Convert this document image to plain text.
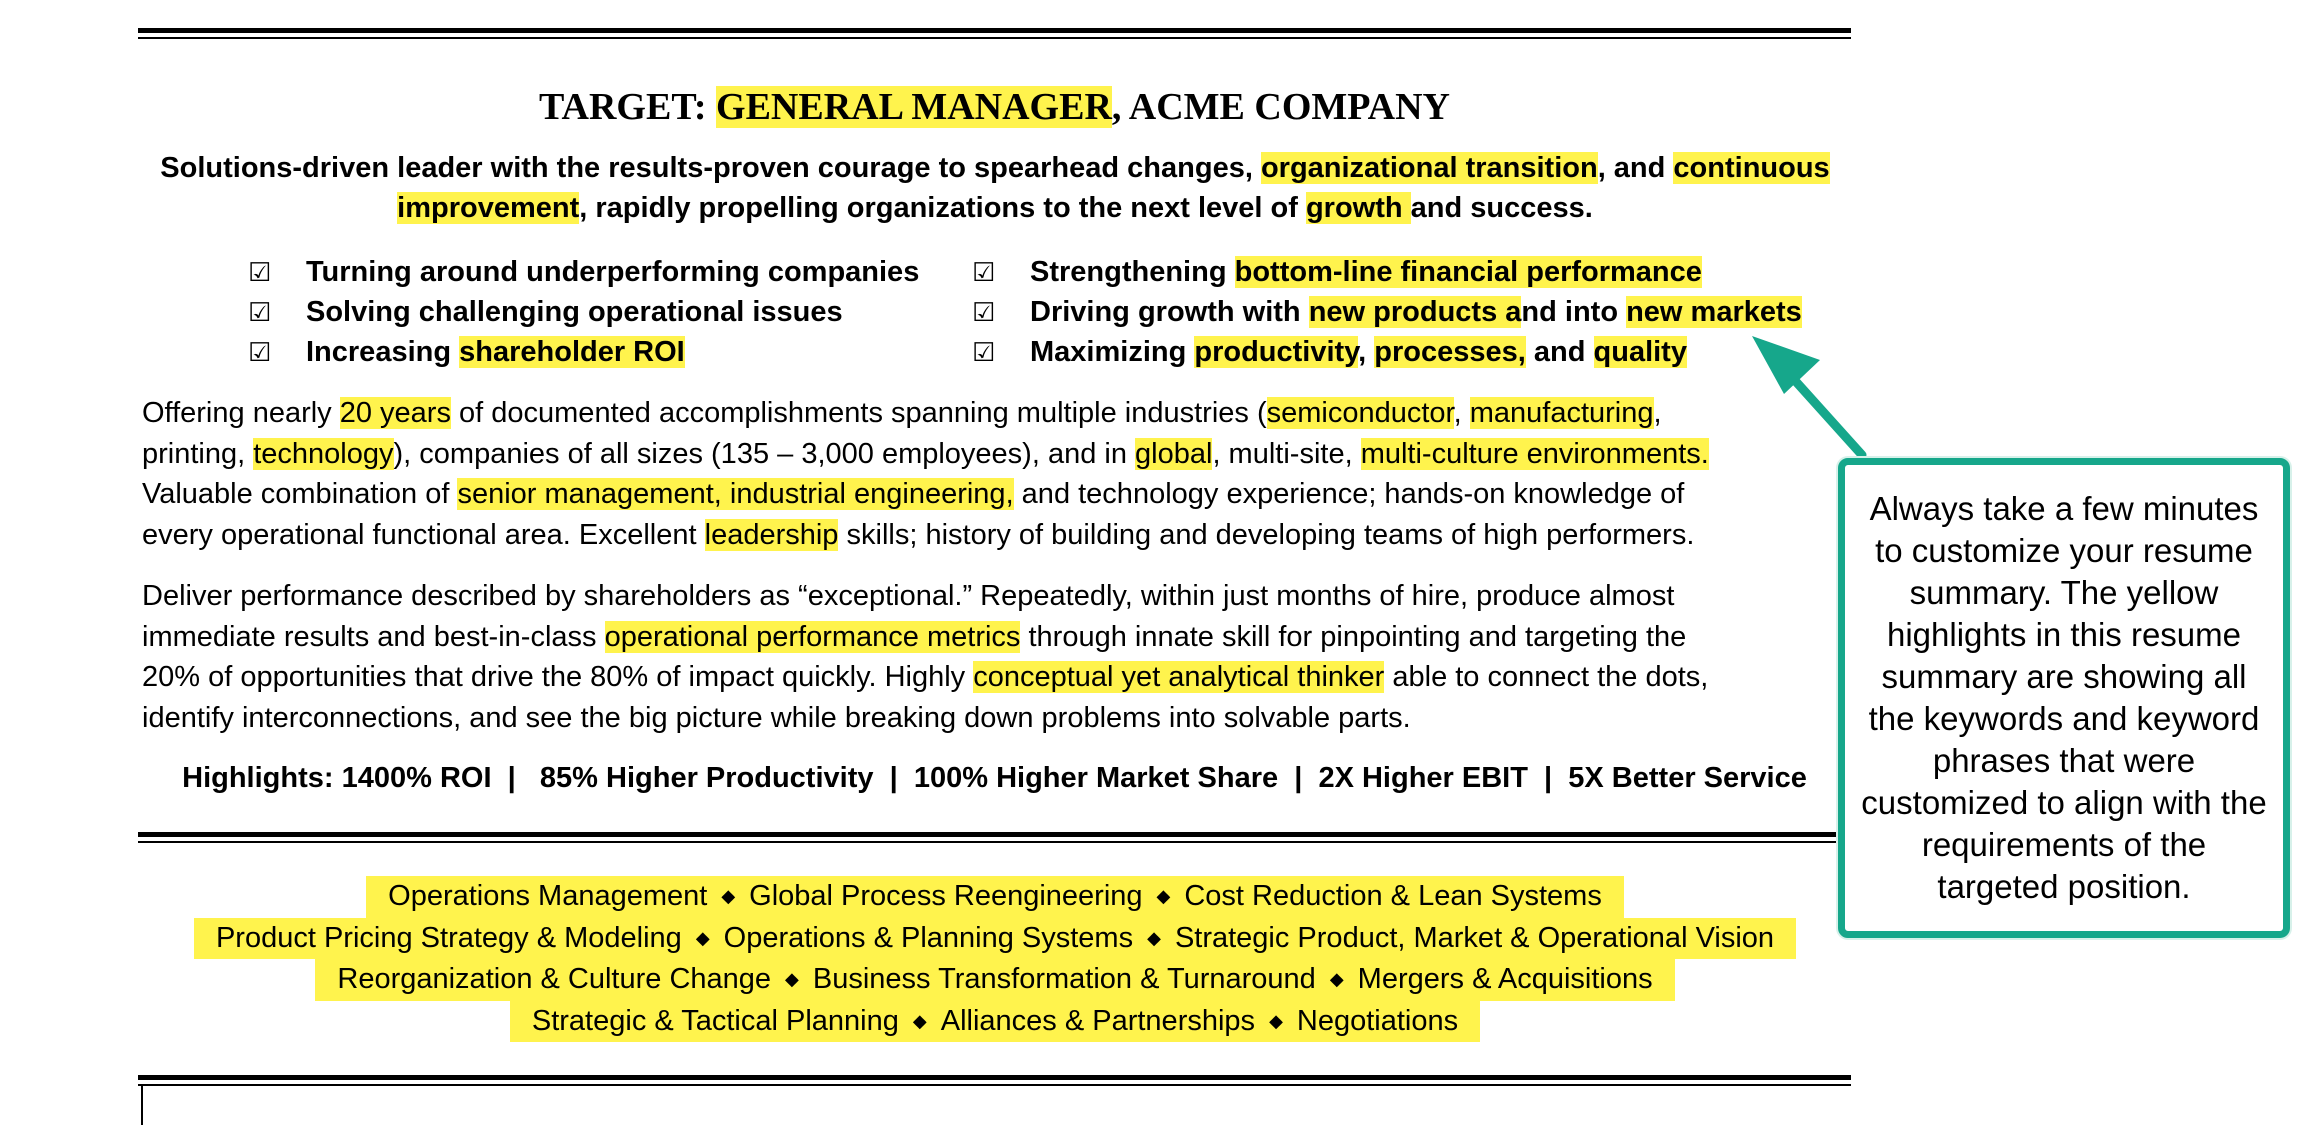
TARGET: GENERAL MANAGER, ACME COMPANY
Solutions-driven leader with the results-proven courage to spearhead changes, organizational transition, and continuous improvement, rapidly propelling organizations to the next level of growth and success.
☑ Turning around underperforming companies
☑ Solving challenging operational issues
☑ Increasing shareholder ROI
☑ Strengthening bottom-line financial performance
☑ Driving growth with new products and into new markets
☑ Maximizing productivity, processes, and quality
Offering nearly 20 years of documented accomplishments spanning multiple industries (semiconductor, manufacturing,
printing, technology), companies of all sizes (135 – 3,000 employees), and in global, multi-site, multi-culture environments.
Valuable combination of senior management, industrial engineering, and technology experience; hands-on knowledge of
every operational functional area. Excellent leadership skills; history of building and developing teams of high performers.
Deliver performance described by shareholders as “exceptional.” Repeatedly, within just months of hire, produce almost
immediate results and best-in-class operational performance metrics through innate skill for pinpointing and targeting the
20% of opportunities that drive the 80% of impact quickly. Highly conceptual yet analytical thinker able to connect the dots,
identify interconnections, and see the big picture while breaking down problems into solvable parts.
Highlights: 1400% ROI  |   85% Higher Productivity  |  100% Higher Market Share  |  2X Higher EBIT  |  5X Better Service
Operations Management ◆ Global Process Reengineering ◆ Cost Reduction & Lean Systems
Product Pricing Strategy & Modeling ◆ Operations & Planning Systems ◆ Strategic Product, Market & Operational Vision
Reorganization & Culture Change ◆ Business Transformation & Turnaround ◆ Mergers & Acquisitions
Strategic & Tactical Planning ◆ Alliances & Partnerships ◆ Negotiations
Always take a few minutes to customize your resume summary. The yellow highlights in this resume summary are showing all the keywords and keyword phrases that were customized to align with the requirements of the targeted position.
